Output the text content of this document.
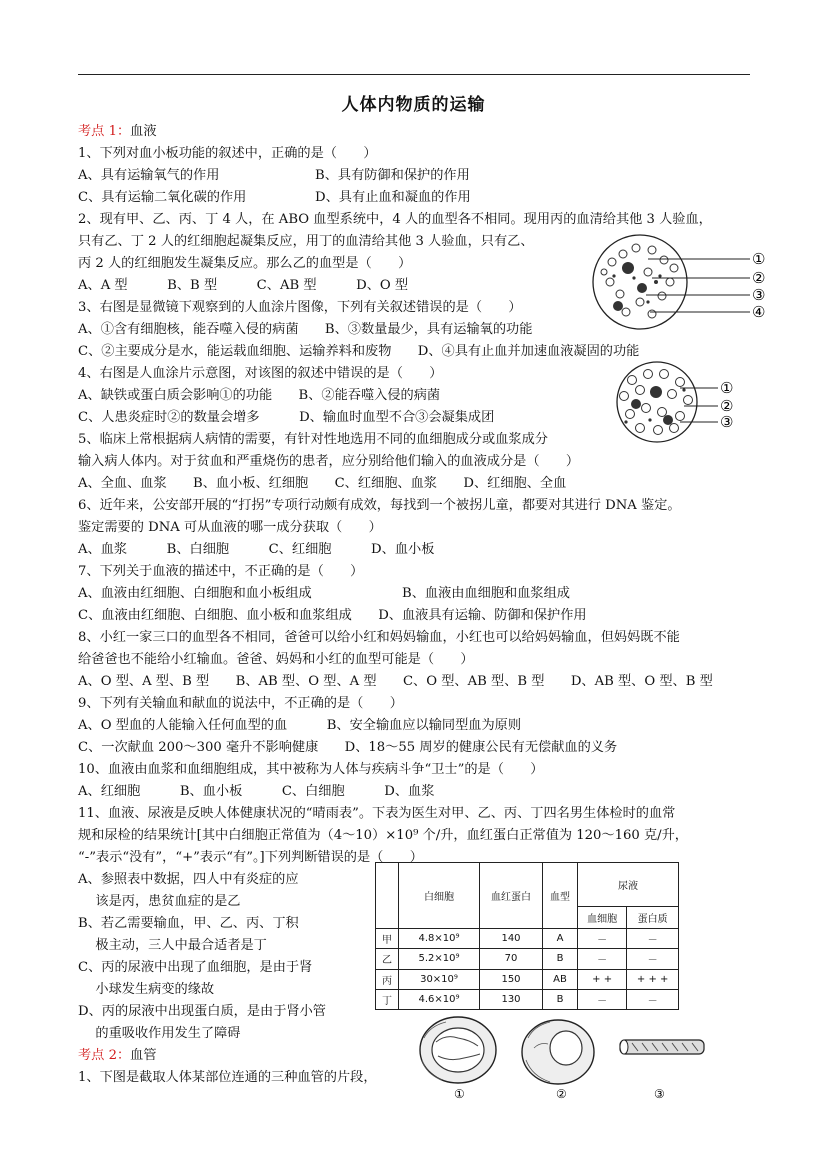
人体内物质的运输
考点 1：血液
1、下列对血小板功能的叙述中，正确的是（　　）
A、具有运输氧气的作用	B、具有防御和保护的作用
C、具有运输二氧化碳的作用	D、具有止血和凝血的作用
2、现有甲、乙、丙、丁 4 人，在 ABO 血型系统中，4 人的血型各不相同。现用丙的血清给其他 3 人验血，
只有乙、丁 2 人的红细胞起凝集反应，用丁的血清给其他 3 人验血，只有乙、
丙 2 人的红细胞发生凝集反应。那么乙的血型是（　　）
A、A 型　　　B、B 型　　　C、AB 型　　　D、O 型
3、右图是显微镜下观察到的人血涂片图像，下列有关叙述错误的是（　　）
A、①含有细胞核，能吞噬入侵的病菌　　B、③数量最少，具有运输氧的功能
C、②主要成分是水，能运载血细胞、运输养料和废物　　D、④具有止血并加速血液凝固的功能
4、右图是人血涂片示意图，对该图的叙述中错误的是（　　）
A、缺铁或蛋白质会影响①的功能　　B、②能吞噬入侵的病菌
C、人患炎症时②的数量会增多　　　D、输血时血型不合③会凝集成团
5、临床上常根据病人病情的需要，有针对性地选用不同的血细胞成分或血浆成分
输入病人体内。对于贫血和严重烧伤的患者，应分别给他们输入的血液成分是（　　）
A、全血、血浆　　B、血小板、红细胞　　C、红细胞、血浆　　D、红细胞、全血
6、近年来，公安部开展的“打拐”专项行动颇有成效，每找到一个被拐儿童，都要对其进行 DNA 鉴定。
鉴定需要的 DNA 可从血液的哪一成分获取（　　）
A、血浆　　　B、白细胞　　　C、红细胞　　　D、血小板
7、下列关于血液的描述中，不正确的是（　　）
A、血液由红细胞、白细胞和血小板组成	B、血液由血细胞和血浆组成
C、血液由红细胞、白细胞、血小板和血浆组成　　D、血液具有运输、防御和保护作用
8、小红一家三口的血型各不相同，爸爸可以给小红和妈妈输血，小红也可以给妈妈输血，但妈妈既不能
给爸爸也不能给小红输血。爸爸、妈妈和小红的血型可能是（　　）
A、O 型、A 型、B 型　　B、AB 型、O 型、A 型　　C、O 型、AB 型、B 型　　D、AB 型、O 型、B 型
9、下列有关输血和献血的说法中，不正确的是（　　）
A、O 型血的人能输入任何血型的血　　　B、安全输血应以输同型血为原则
C、一次献血 200～300 毫升不影响健康　　D、18～55 周岁的健康公民有无偿献血的义务
10、血液由血浆和血细胞组成，其中被称为人体与疾病斗争“卫士”的是（　　）
A、红细胞　　　B、血小板　　　C、白细胞　　　D、血浆
11、血液、尿液是反映人体健康状况的“晴雨表”。下表为医生对甲、乙、丙、丁四名男生体检时的血常
规和尿检的结果统计[其中白细胞正常值为（4～10）×10⁹ 个/升，血红蛋白正常值为 120～160 克/升，
“-”表示“没有”，“+”表示“有”。]下列判断错误的是（　　）
A、参照表中数据，四人中有炎症的应
　 该是丙，患贫血症的是乙
B、若乙需要输血，甲、乙、丙、丁积
　 极主动，三人中最合适者是丁
C、丙的尿液中出现了血细胞，是由于肾
　 小球发生病变的缘故
D、丙的尿液中出现蛋白质，是由于肾小管
　 的重吸收作用发生了障碍
考点 2：血管
1、下图是截取人体某部位连通的三种血管的片段，
①
②
③
④
①
②
③
	白细胞	血红蛋白	血型	尿液	
				血细胞	蛋白质
甲	4.8×10⁹	140	A	－	－
乙	5.2×10⁹	70	B	－	－
丙	30×10⁹	150	AB	+ +	+ + +
丁	4.6×10⁹	130	B	－	－
①	②	③
